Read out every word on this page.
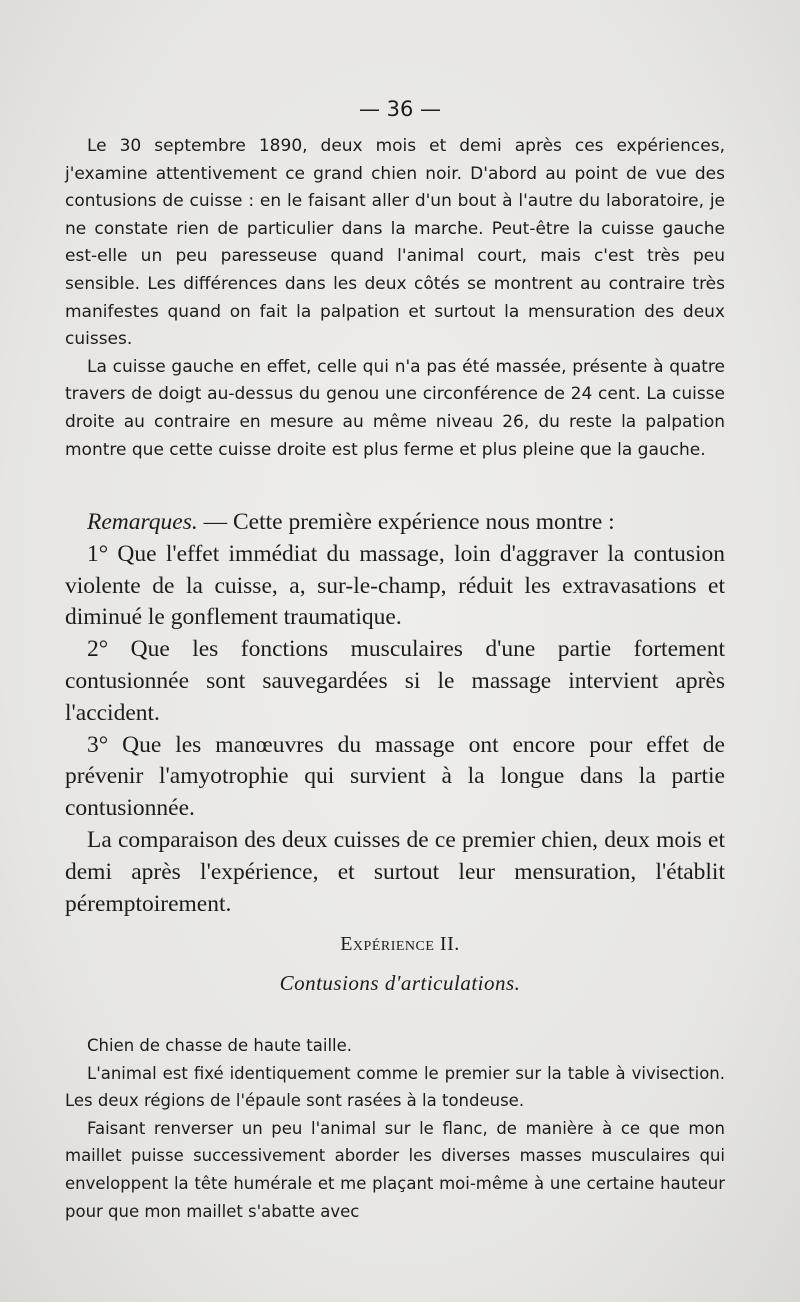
— 36 —

Le 30 septembre 1890, deux mois et demi après ces expériences, j'examine attentivement ce grand chien noir. D'abord au point de vue des contusions de cuisse : en le faisant aller d'un bout à l'autre du laboratoire, je ne constate rien de particulier dans la marche. Peut-être la cuisse gauche est-elle un peu paresseuse quand l'animal court, mais c'est très peu sensible. Les différences dans les deux côtés se montrent au contraire très manifestes quand on fait la palpation et surtout la mensuration des deux cuisses.

La cuisse gauche en effet, celle qui n'a pas été massée, présente à quatre travers de doigt au-dessus du genou une circonférence de 24 cent. La cuisse droite au contraire en mesure au même niveau 26, du reste la palpation montre que cette cuisse droite est plus ferme et plus pleine que la gauche.

Remarques. — Cette première expérience nous montre :

1° Que l'effet immédiat du massage, loin d'aggraver la contusion violente de la cuisse, a, sur-le-champ, réduit les extravasations et diminué le gonflement traumatique.

2° Que les fonctions musculaires d'une partie fortement contusionnée sont sauvegardées si le massage intervient après l'accident.

3° Que les manœuvres du massage ont encore pour effet de prévenir l'amyotrophie qui survient à la longue dans la partie contusionnée.

La comparaison des deux cuisses de ce premier chien, deux mois et demi après l'expérience, et surtout leur mensuration, l'établit péremptoirement.

Expérience II.
Contusions d'articulations.

Chien de chasse de haute taille.

L'animal est fixé identiquement comme le premier sur la table à vivisection. Les deux régions de l'épaule sont rasées à la tondeuse.

Faisant renverser un peu l'animal sur le flanc, de manière à ce que mon maillet puisse successivement aborder les diverses masses musculaires qui enveloppent la tête humérale et me plaçant moi-même à une certaine hauteur pour que mon maillet s'abatte avec
